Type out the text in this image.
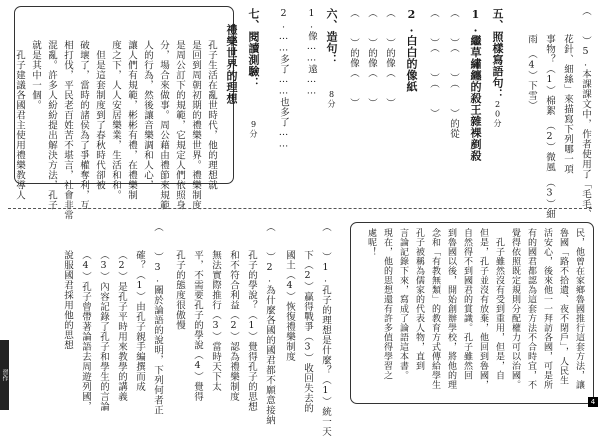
（　　）5.本課課文中，作者使用了「毛毛、
花針、細絲」來描寫下列哪一項
事物？（1）棉絮　（2）微風　（3）細
雨　（4）下雪）
五、照樣寫語句：
20分
1.繼草繡纏的殺王雜裸剷殺
（　　）（　　）（　　）的從
（　　）（　　）（　　）
2.白白的像紙
（　　）的像（　　）
（　　）的像（　　）
（　　）的像（　　）
六、造句：
8分
1.像……遠……
2.……多了……也多了……
七、閱讀測驗：
9分
禮樂世界的理想
孔子生活在亂世時代，他的理想就
是回到周朝初期的禮樂世界。禮樂制度
是周公訂下的規範，它規定人們依照身
分，場合來做事。周公藉由禮節來規範
人的行為，然後讓音樂調和人心，
讓人們有規範，彬彬有禮，在禮樂制
度之下，人人安居樂業，生活和和。
　但是這套制度到了春秋時代卻被
破壞了，當時的諸侯為了爭權奪利，互
相打伐，平民老百姓苦不堪言，社會非常
混亂。許多人紛紛提出解決方法，孔子
就是其中一個。
　孔子建議各國君主使用禮樂教導人
民，他曾在家鄉魯國推行這套方法，讓
魯國「路不拾遺、夜不閉戶」，人民生
活安心，後來他一一拜訪各國，可是所
有的國君都認為這套方法不合時宜，不
覺得依照既定規則分配權力可以治國。
　孔子雖然沒有受到重用，但是，自
但是，孔子並沒有放棄，他回到魯國，
自然得不到國君的賞識。孔子雖然回
到魯國以後，開始創辦學校，將他的理
念和「有教無類」的教育方式傳給學生
孔子被稱為儒家的代表人物，直到
言論記錄下來，寫成了論語這本書。
現在，他的思想還有許多值得學習之
處呢！
（　　）1.孔子的理想是什麼？（1）統一天
下（2）贏得戰爭（3）收回失去的
國土（4）恢復禮樂制度
（　　）2.為什麼各國的國君都不願意接納
孔子的學說？（1）覺得孔子的思想
和不符合利益（2）認為禮樂制度
無法實際推行（3）當時天下太
平，不需要孔子的學說（4）覺得
孔子的態度很傲慢
（　　）3.關於論語的說明，下列何者正
確？（1）由孔子親手編撰而成
（2）是孔子平時用來教學的講義
（3）內容記錄了孔子和學生的言論
（4）孔子曾帶著論語去周遊列國，
說服國君採用他的思想
習作
4
